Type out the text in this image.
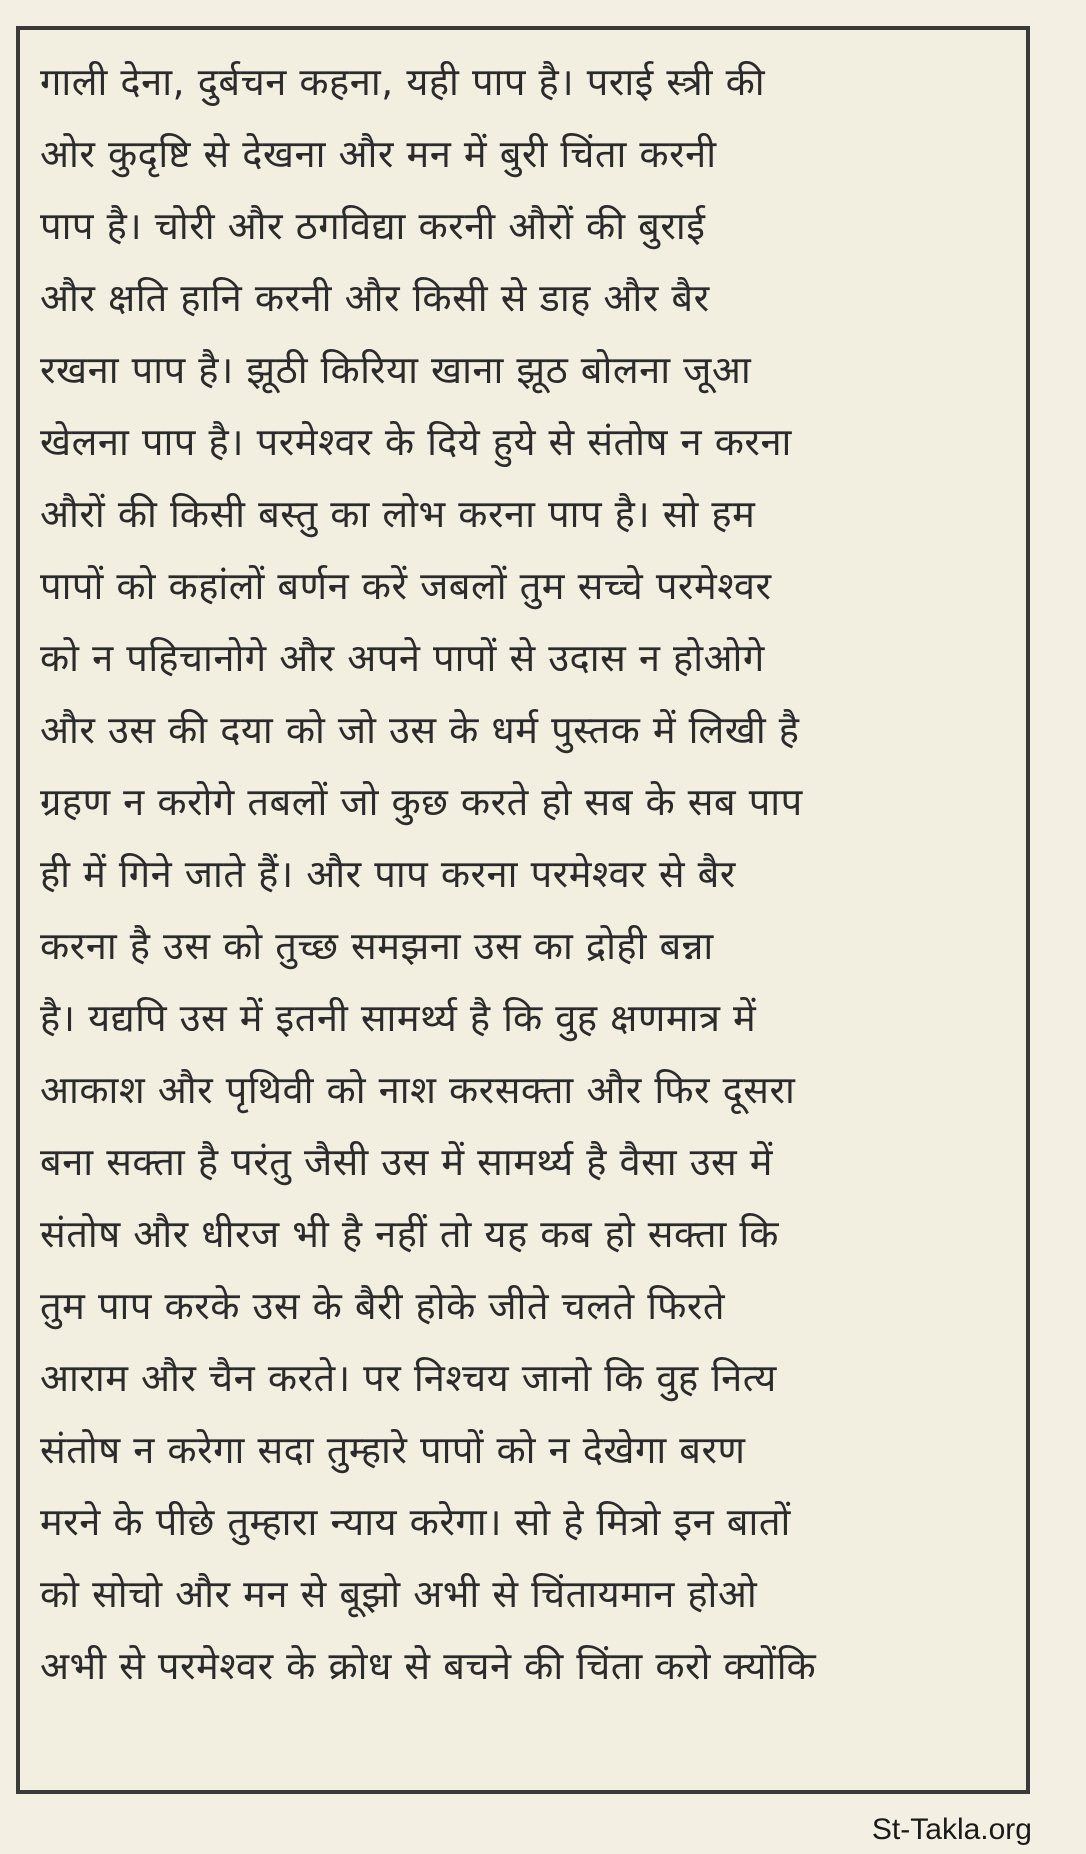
गाली देना, दुर्बचन कहना, यही पाप है। पराई स्त्री की
ओर कुदृष्टि से देखना और मन में बुरी चिंता करनी
पाप है। चोरी और ठगविद्या करनी औरों की बुराई
और क्षति हानि करनी और किसी से डाह और बैर
रखना पाप है। झूठी किरिया खाना झूठ बोलना जूआ
खेलना पाप है। परमेश्वर के दिये हुये से संतोष न करना
औरों की किसी बस्तु का लोभ करना पाप है। सो हम
पापों को कहांलों बर्णन करें जबलों तुम सच्चे परमेश्वर
को न पहिचानोगे और अपने पापों से उदास न होओगे
और उस की दया को जो उस के धर्म पुस्तक में लिखी है
ग्रहण न करोगे तबलों जो कुछ करते हो सब के सब पाप
ही में गिने जाते हैं। और पाप करना परमेश्वर से बैर
करना है उस को तुच्छ समझना उस का द्रोही बन्ना
है। यद्यपि उस में इतनी सामर्थ्य है कि वुह क्षणमात्र में
आकाश और पृथिवी को नाश करसक्ता और फिर दूसरा
बना सक्ता है परंतु जैसी उस में सामर्थ्य है वैसा उस में
संतोष और धीरज भी है नहीं तो यह कब हो सक्ता कि
तुम पाप करके उस के बैरी होके जीते चलते फिरते
आराम और चैन करते। पर निश्चय जानो कि वुह नित्य
संतोष न करेगा सदा तुम्हारे पापों को न देखेगा बरण
मरने के पीछे तुम्हारा न्याय करेगा। सो हे मित्रो इन बातों
को सोचो और मन से बूझो अभी से चिंतायमान होओ
अभी से परमेश्वर के क्रोध से बचने की चिंता करो क्योंकि
St-Takla.org
